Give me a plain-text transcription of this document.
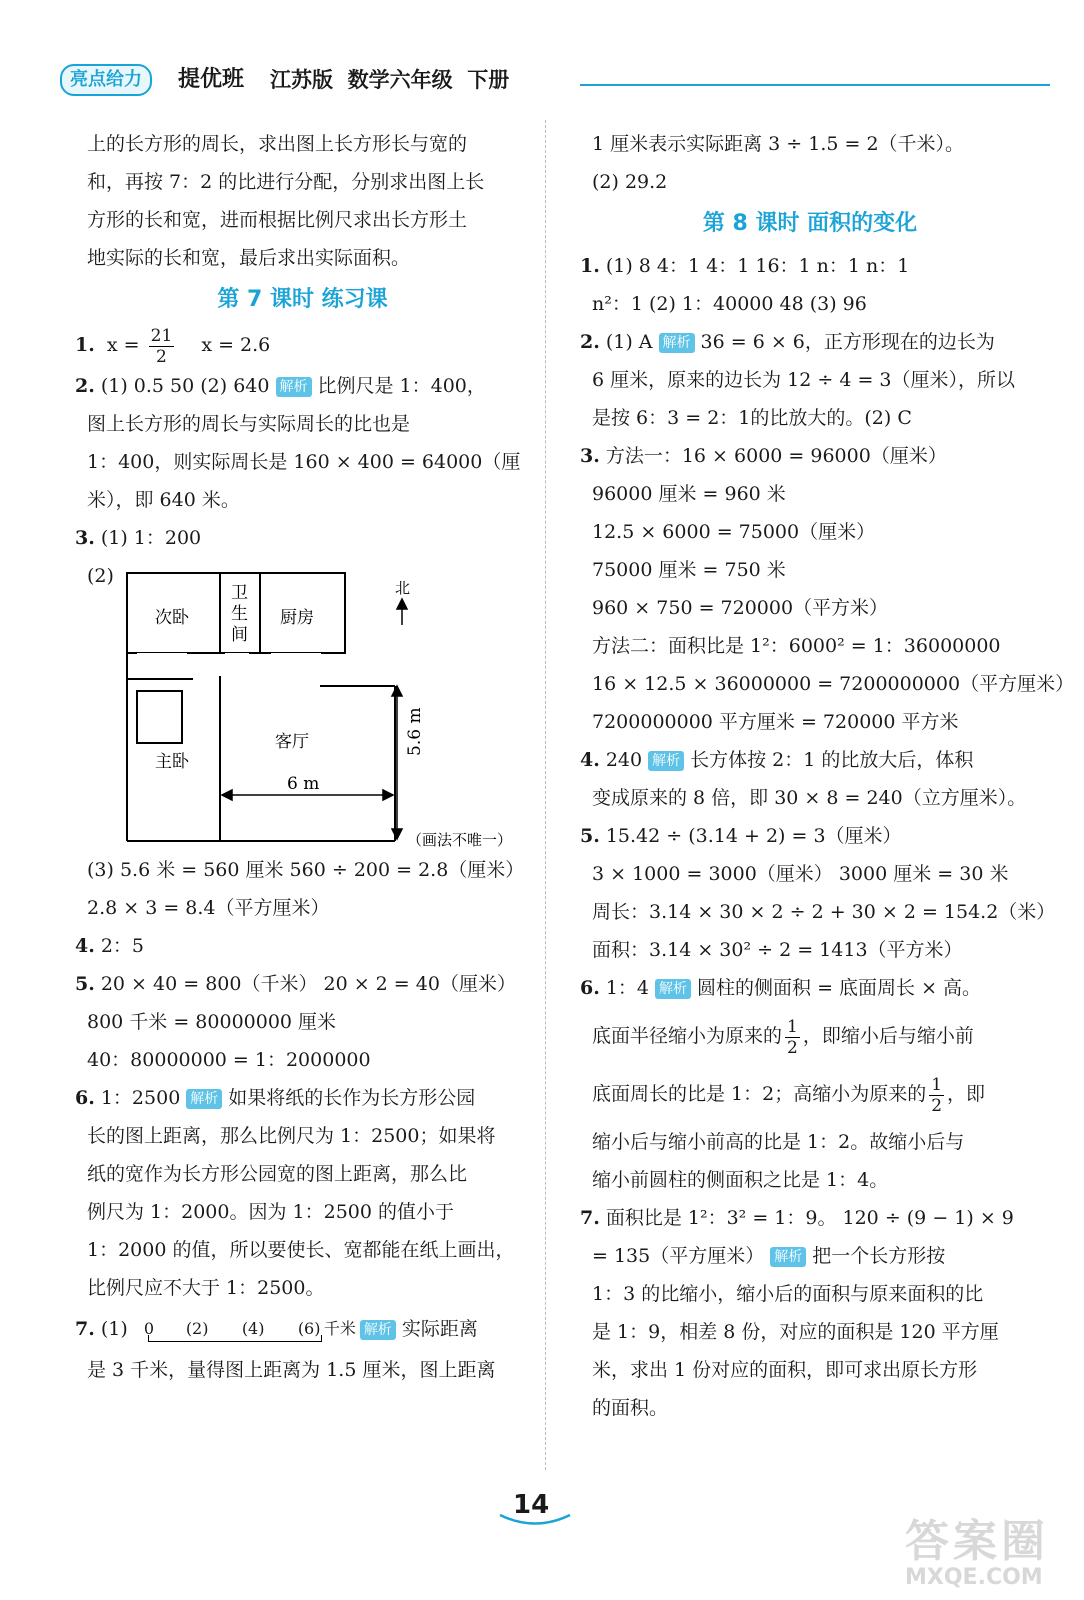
亮点给力	提优班 江苏版  数学六年级  下册
上的长方形的周长，求出图上长方形长与宽的
和，再按 7：2 的比进行分配，分别求出图上长
方形的长和宽，进而根据比例尺求出长方形土
地实际的长和宽，最后求出实际面积。
第 7 课时 练习课
1. $x = \frac{21}{2}$ x = 2.6
2. (1) 0.5 50 (2) 640 解析 比例尺是 1：400，
图上长方形的周长与实际周长的比也是
1：400，则实际周长是 160 × 400 = 64000（厘
米），即 640 米。
3. (1) 1：200
(2)
次卧
卫
生
间
厨房
客厅
主卧
北
6 m
5.6 m
（画法不唯一）
(3) 5.6 米 = 560 厘米 560 ÷ 200 = 2.8（厘米）
2.8 × 3 = 8.4（平方厘米）
4. 2：5
5. 20 × 40 = 800（千米） 20 × 2 = 40（厘米）
800 千米 = 80000000 厘米
40：80000000 = 1：2000000
6. 1：2500 解析 如果将纸的长作为长方形公园
长的图上距离，那么比例尺为 1：2500；如果将
纸的宽作为长方形公园宽的图上距离，那么比
例尺为 1：2000。因为 1：2500 的值小于
1：2000 的值，所以要使长、宽都能在纸上画出，
比例尺应不大于 1：2500。
7. (1) 0 (2) (4) (6) 千米 解析 实际距离
是 3 千米，量得图上距离为 1.5 厘米，图上距离
1 厘米表示实际距离 3 ÷ 1.5 = 2（千米）。
(2) 29.2
第 8 课时 面积的变化
1. (1) 8 4：1 4：1 16：1 n：1 n：1
n²：1 (2) 1：40000 48 (3) 96
2. (1) A 解析 36 = 6 × 6，正方形现在的边长为
6 厘米，原来的边长为 12 ÷ 4 = 3（厘米），所以
是按 6：3 = 2：1的比放大的。(2) C
3. 方法一：16 × 6000 = 96000（厘米）
96000 厘米 = 960 米
12.5 × 6000 = 75000（厘米）
75000 厘米 = 750 米
960 × 750 = 720000（平方米）
方法二：面积比是 1²：6000² = 1：36000000
16 × 12.5 × 36000000 = 7200000000（平方厘米）
7200000000 平方厘米 = 720000 平方米
4. 240 解析 长方体按 2：1 的比放大后，体积
变成原来的 8 倍，即 30 × 8 = 240（立方厘米）。
5. 15.42 ÷ (3.14 + 2) = 3（厘米）
3 × 1000 = 3000（厘米） 3000 厘米 = 30 米
周长：3.14 × 30 × 2 ÷ 2 + 30 × 2 = 154.2（米）
面积：3.14 × 30² ÷ 2 = 1413（平方米）
6. 1：4 解析 圆柱的侧面积 = 底面周长 × 高。
底面半径缩小为原来的 $\frac{1}{2}$ ，即缩小后与缩小前
底面周长的比是 1：2；高缩小为原来的 $\frac{1}{2}$ ，即
缩小后与缩小前高的比是 1：2。故缩小后与
缩小前圆柱的侧面积之比是 1：4。
7. 面积比是 1²：3² = 1：9。 120 ÷ (9 − 1) × 9
= 135（平方厘米） 解析 把一个长方形按
1：3 的比缩小，缩小后的面积与原来面积的比
是 1：9，相差 8 份，对应的面积是 120 平方厘
米，求出 1 份对应的面积，即可求出原长方形
的面积。
14
答案圈
MXQE.COM
